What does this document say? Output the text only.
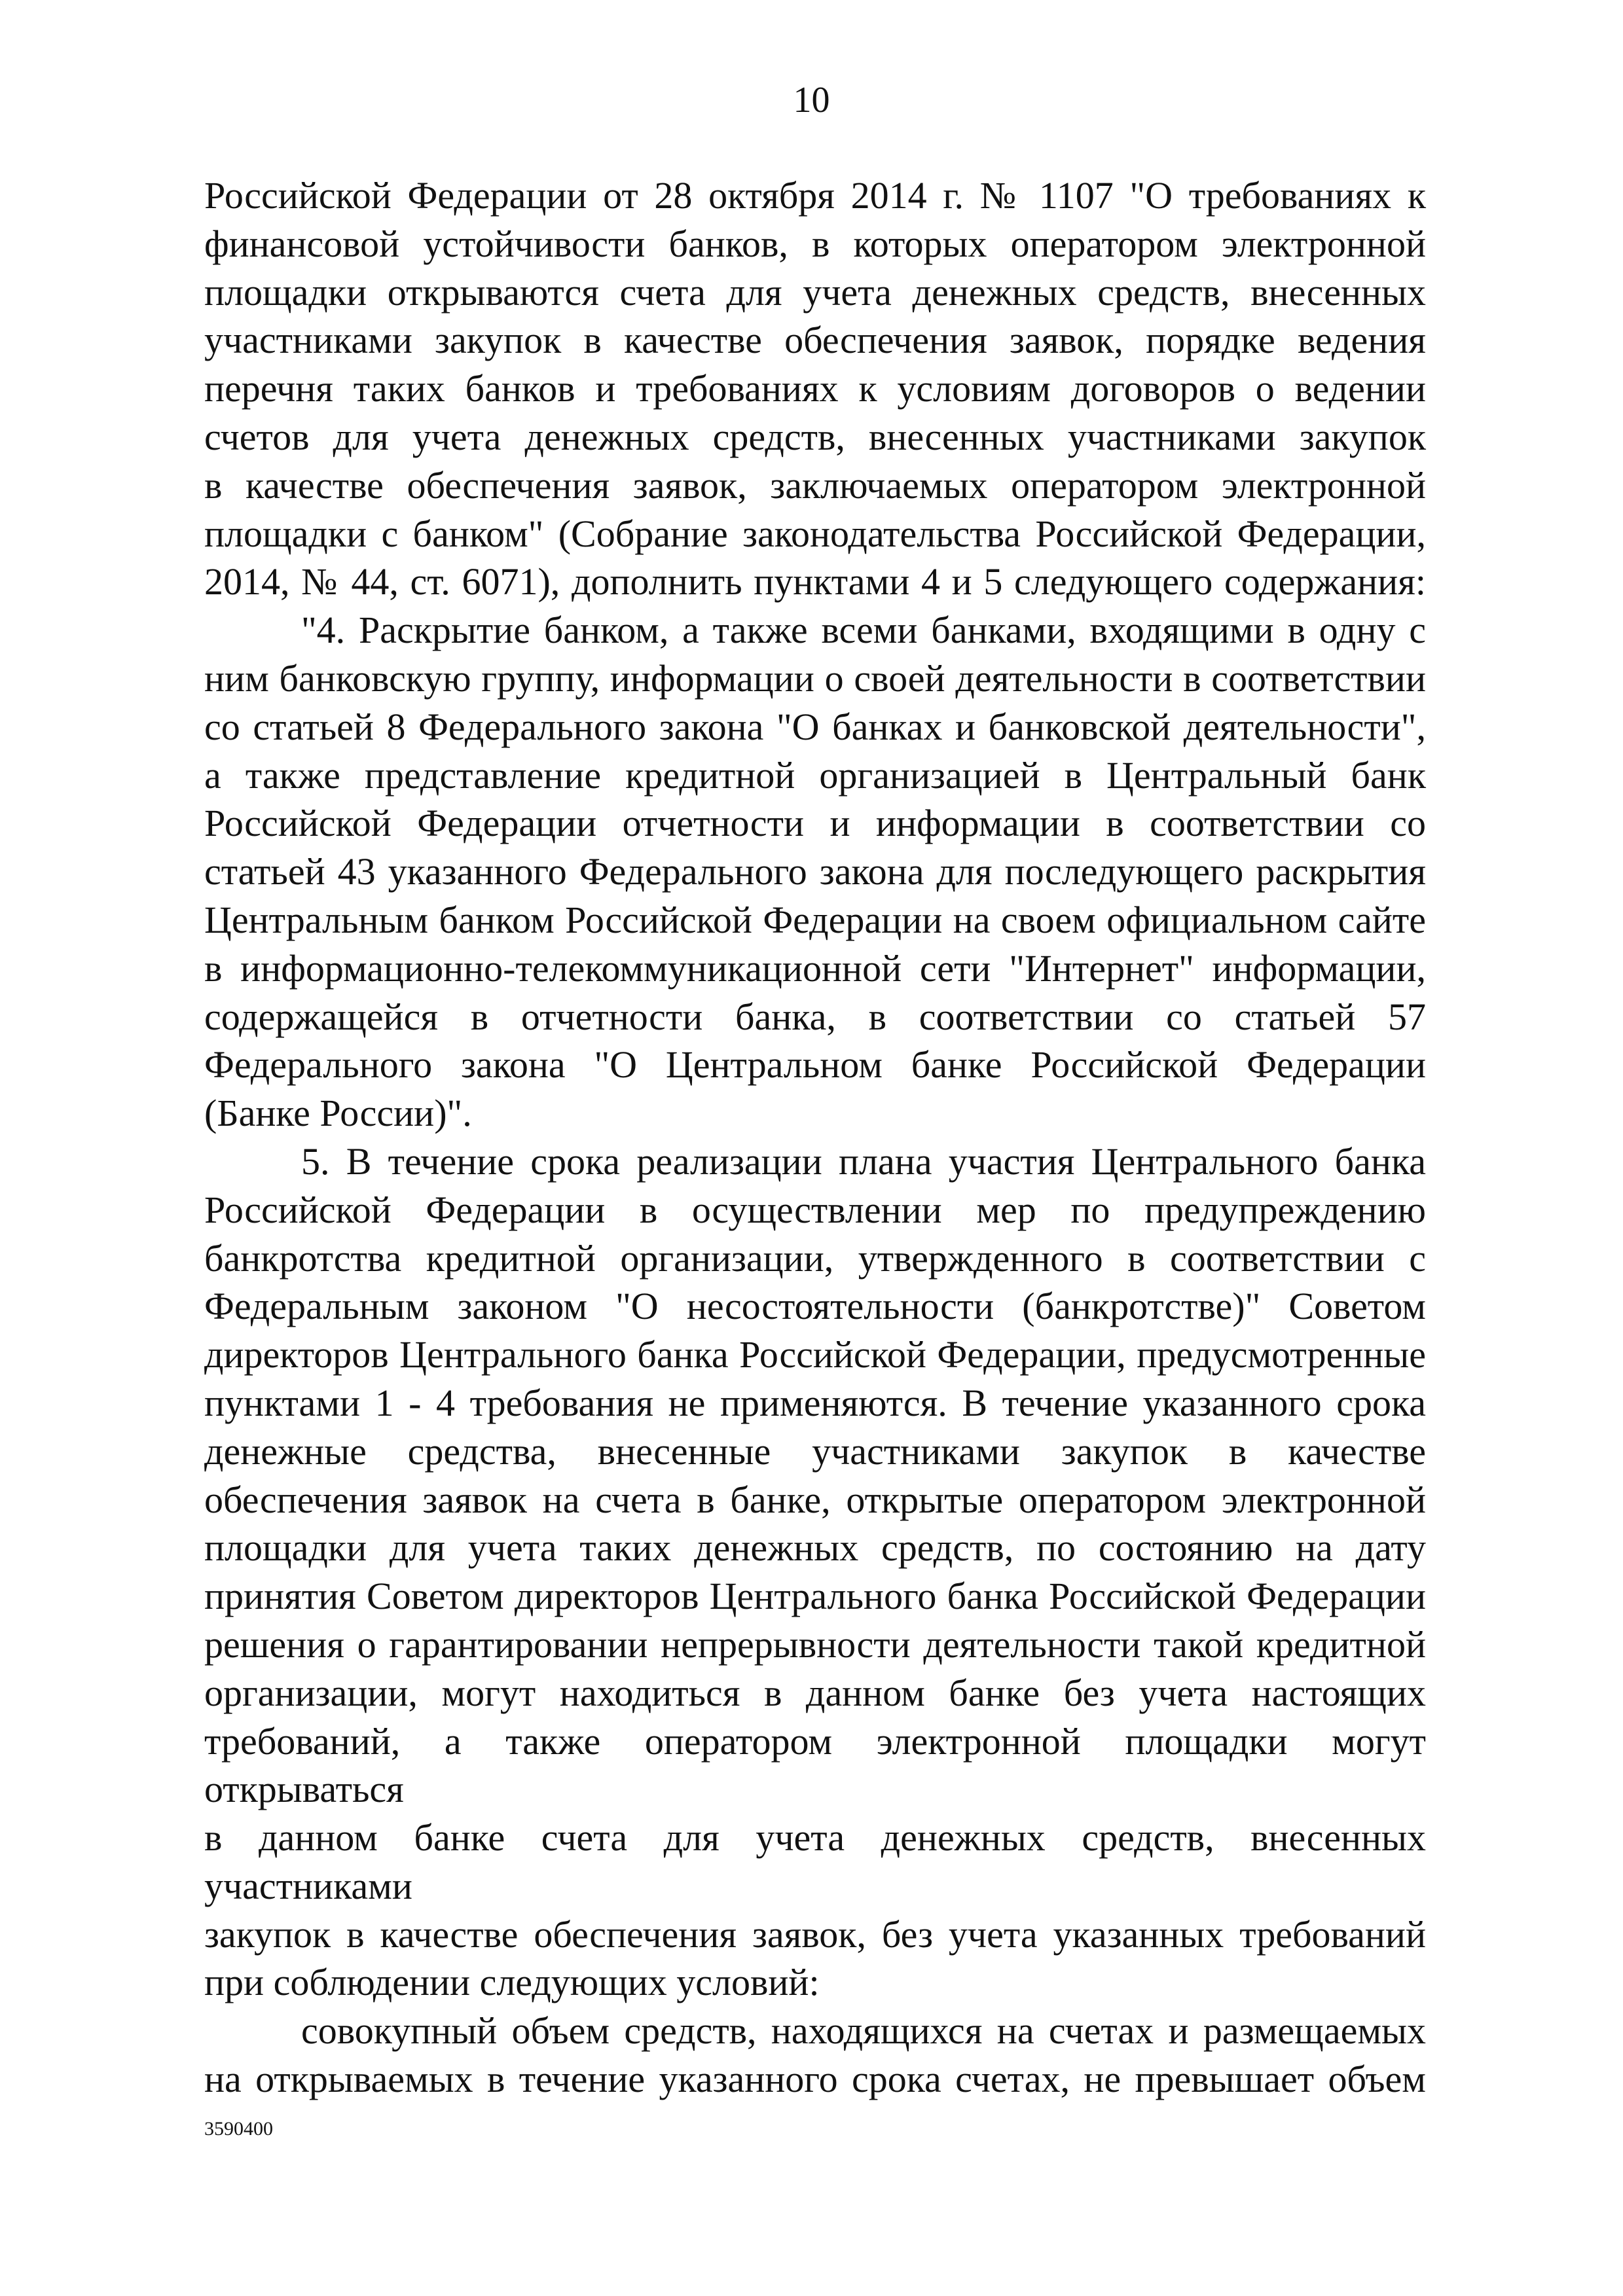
10

Российской Федерации от 28 октября 2014 г. № 1107 "О требованиях к
финансовой устойчивости банков, в которых оператором электронной
площадки открываются счета для учета денежных средств, внесенных
участниками закупок в качестве обеспечения заявок, порядке ведения
перечня таких банков и требованиях к условиям договоров о ведении
счетов для учета денежных средств, внесенных участниками закупок
в качестве обеспечения заявок, заключаемых оператором электронной
площадки с банком" (Собрание законодательства Российской Федерации,
2014, № 44, ст. 6071), дополнить пунктами 4 и 5 следующего содержания:

"4. Раскрытие банком, а также всеми банками, входящими в одну с
ним банковскую группу, информации о своей деятельности в соответствии
со статьей 8 Федерального закона "О банках и банковской деятельности",
а также представление кредитной организацией в Центральный банк
Российской Федерации отчетности и информации в соответствии со
статьей 43 указанного Федерального закона для последующего раскрытия
Центральным банком Российской Федерации на своем официальном сайте
в информационно-телекоммуникационной сети "Интернет" информации,
содержащейся в отчетности банка, в соответствии со статьей 57
Федерального закона "О Центральном банке Российской Федерации
(Банке России)".

5. В течение срока реализации плана участия Центрального банка
Российской Федерации в осуществлении мер по предупреждению
банкротства кредитной организации, утвержденного в соответствии с
Федеральным законом "О несостоятельности (банкротстве)" Советом
директоров Центрального банка Российской Федерации, предусмотренные
пунктами 1 - 4 требования не применяются. В течение указанного срока
денежные средства, внесенные участниками закупок в качестве
обеспечения заявок на счета в банке, открытые оператором электронной
площадки для учета таких денежных средств, по состоянию на дату
принятия Советом директоров Центрального банка Российской Федерации
решения о гарантировании непрерывности деятельности такой кредитной
организации, могут находиться в данном банке без учета настоящих
требований, а также оператором электронной площадки могут открываться
в данном банке счета для учета денежных средств, внесенных участниками
закупок в качестве обеспечения заявок, без учета указанных требований
при соблюдении следующих условий:

совокупный объем средств, находящихся на счетах и размещаемых
на открываемых в течение указанного срока счетах, не превышает объем

3590400
